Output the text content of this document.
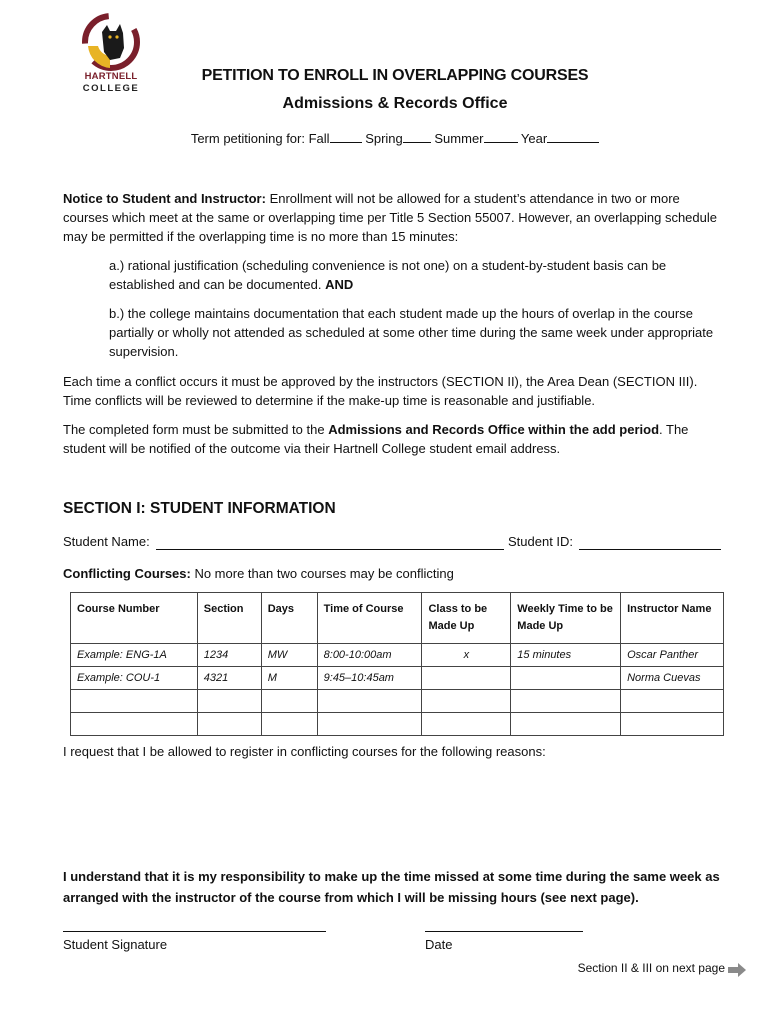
HARTNELL
COLLEGE
PETITION TO ENROLL IN OVERLAPPING COURSES
Admissions & Records Office
Term petitioning for: Fall	Spring Summer	Year
Notice to Student and Instructor: Enrollment will not be allowed for a student’s attendance in two or more courses which meet at the same or overlapping time per Title 5 Section 55007. However, an overlapping schedule may be permitted if the overlapping time is no more than 15 minutes:
a.) rational justification (scheduling convenience is not one) on a student-by-student basis can be established and can be documented. AND
b.) the college maintains documentation that each student made up the hours of overlap in the course partially or wholly not attended as scheduled at some other time during the same week under appropriate supervision.
Each time a conflict occurs it must be approved by the instructors (SECTION II), the Area Dean (SECTION III). Time conflicts will be reviewed to determine if the make-up time is reasonable and justifiable.
The completed form must be submitted to the Admissions and Records Office within the add period. The student will be notified of the outcome via their Hartnell College student email address.
SECTION I: STUDENT INFORMATION
Student Name:	Student ID:
Conflicting Courses: No more than two courses may be conflicting
Course Number	Section	Days	Time of Course	Class to be Made Up	Weekly Time to be Made Up	Instructor Name
Example: ENG-1A	1234	MW	8:00-10:00am	x	15 minutes	Oscar Panther
Example: COU-1	4321	M	9:45–10:45am			Norma Cuevas

I request that I be allowed to register in conflicting courses for the following reasons:
I understand that it is my responsibility to make up the time missed at some time during the same week as arranged with the instructor of the course from which I will be missing hours (see next page).
Student Signature	Date
Section II & III on next page
